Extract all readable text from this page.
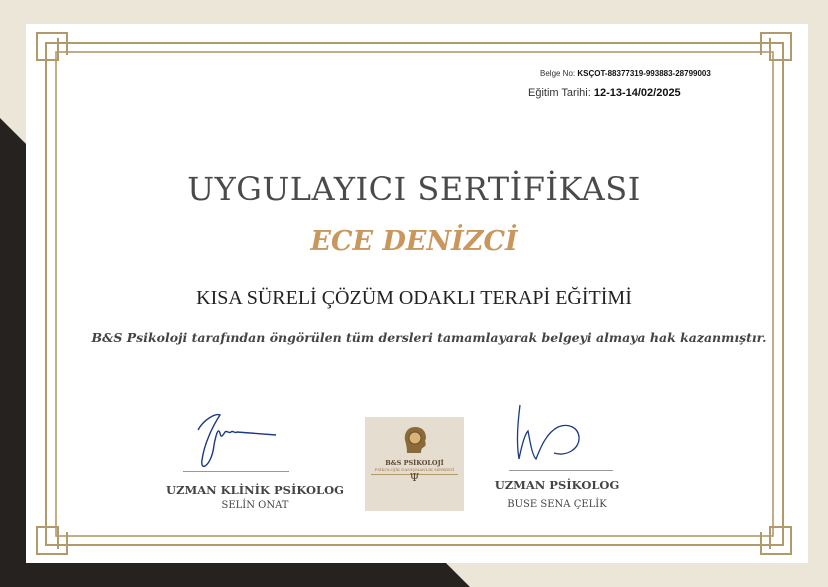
Belge No: KSÇOT-88377319-993883-28799003
Eğitim Tarihi: 12-13-14/02/2025
UYGULAYICI SERTİFİKASI
ECE DENİZCİ
KISA SÜRELİ ÇÖZÜM ODAKLI TERAPİ EĞİTİMİ
B&S Psikoloji tarafından öngörülen tüm dersleri tamamlayarak belgeyi almaya hak kazanmıştır.
UZMAN KLİNİK PSİKOLOG
SELİN ONAT
B&S PSİKOLOJİ
PSİKOLOJİK DANIŞMANLIK MERKEZİ
Ψ
UZMAN PSİKOLOG
BUSE SENA ÇELİK
